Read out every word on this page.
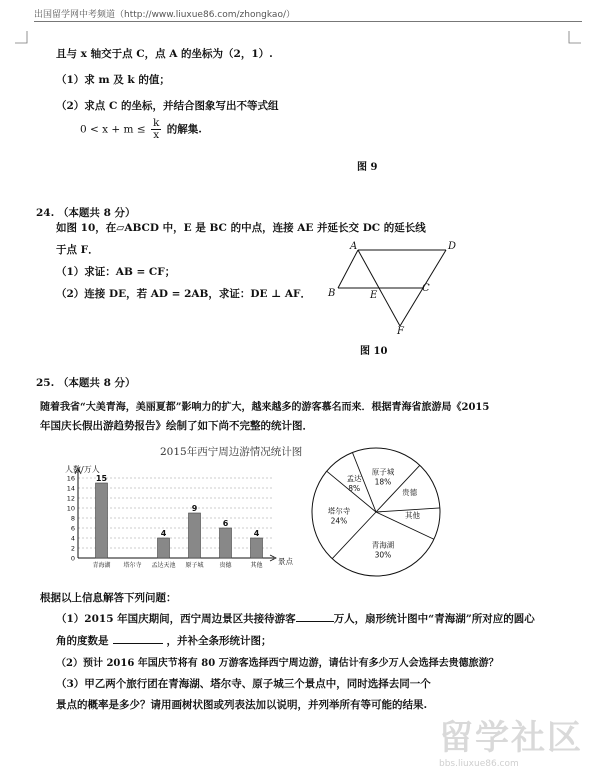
出国留学网中考频道（http://www.liuxue86.com/zhongkao/）
且与 x 轴交于点 C，点 A 的坐标为（2，1）.
（1）求 m 及 k 的值；
（2）求点 C 的坐标，并结合图象写出不等式组
$0 < x + m \le \frac{k}{x}$ 的解集.
图 9
24. （本题共 8 分）
如图 10，在▱ABCD 中，E 是 BC 的中点，连接 AE 并延长交 DC 的延长线
于点 F．
（1）求证：AB = CF；
（2）连接 DE，若 AD = 2AB，求证：DE ⊥ AF．
A	D
B	E
C
F
图 10
25. （本题共 8 分）
随着我省“大美青海，美丽夏都”影响力的扩大，越来越多的游客慕名而来．根据青海省旅游局《2015
年国庆长假出游趋势报告》绘制了如下尚不完整的统计图．
2015年西宁周边游情况统计图
人数/万人
2
4
6
8
10
12
14
16
0	景点
15
青海湖 塔尔寺
4
孟达天池
9
原子城
6
贵德
4
其他
原子城
18%
贵德
其他
青海湖
30%
塔尔寺
24%
孟达
8%
根据以上信息解答下列问题：
（1）2015 年国庆期间，西宁周边景区共接待游客	万人，扇形统计图中“青海湖”所对应的圆心
角的度数是	，并补全条形统计图；
（2）预计 2016 年国庆节将有 80 万游客选择西宁周边游，请估计有多少万人会选择去贵德旅游？
（3）甲乙两个旅行团在青海湖、塔尔寺、原子城三个景点中，同时选择去同一个
景点的概率是多少？请用画树状图或列表法加以说明，并列举所有等可能的结果.
留学社区
bbs.liuxue86.com
